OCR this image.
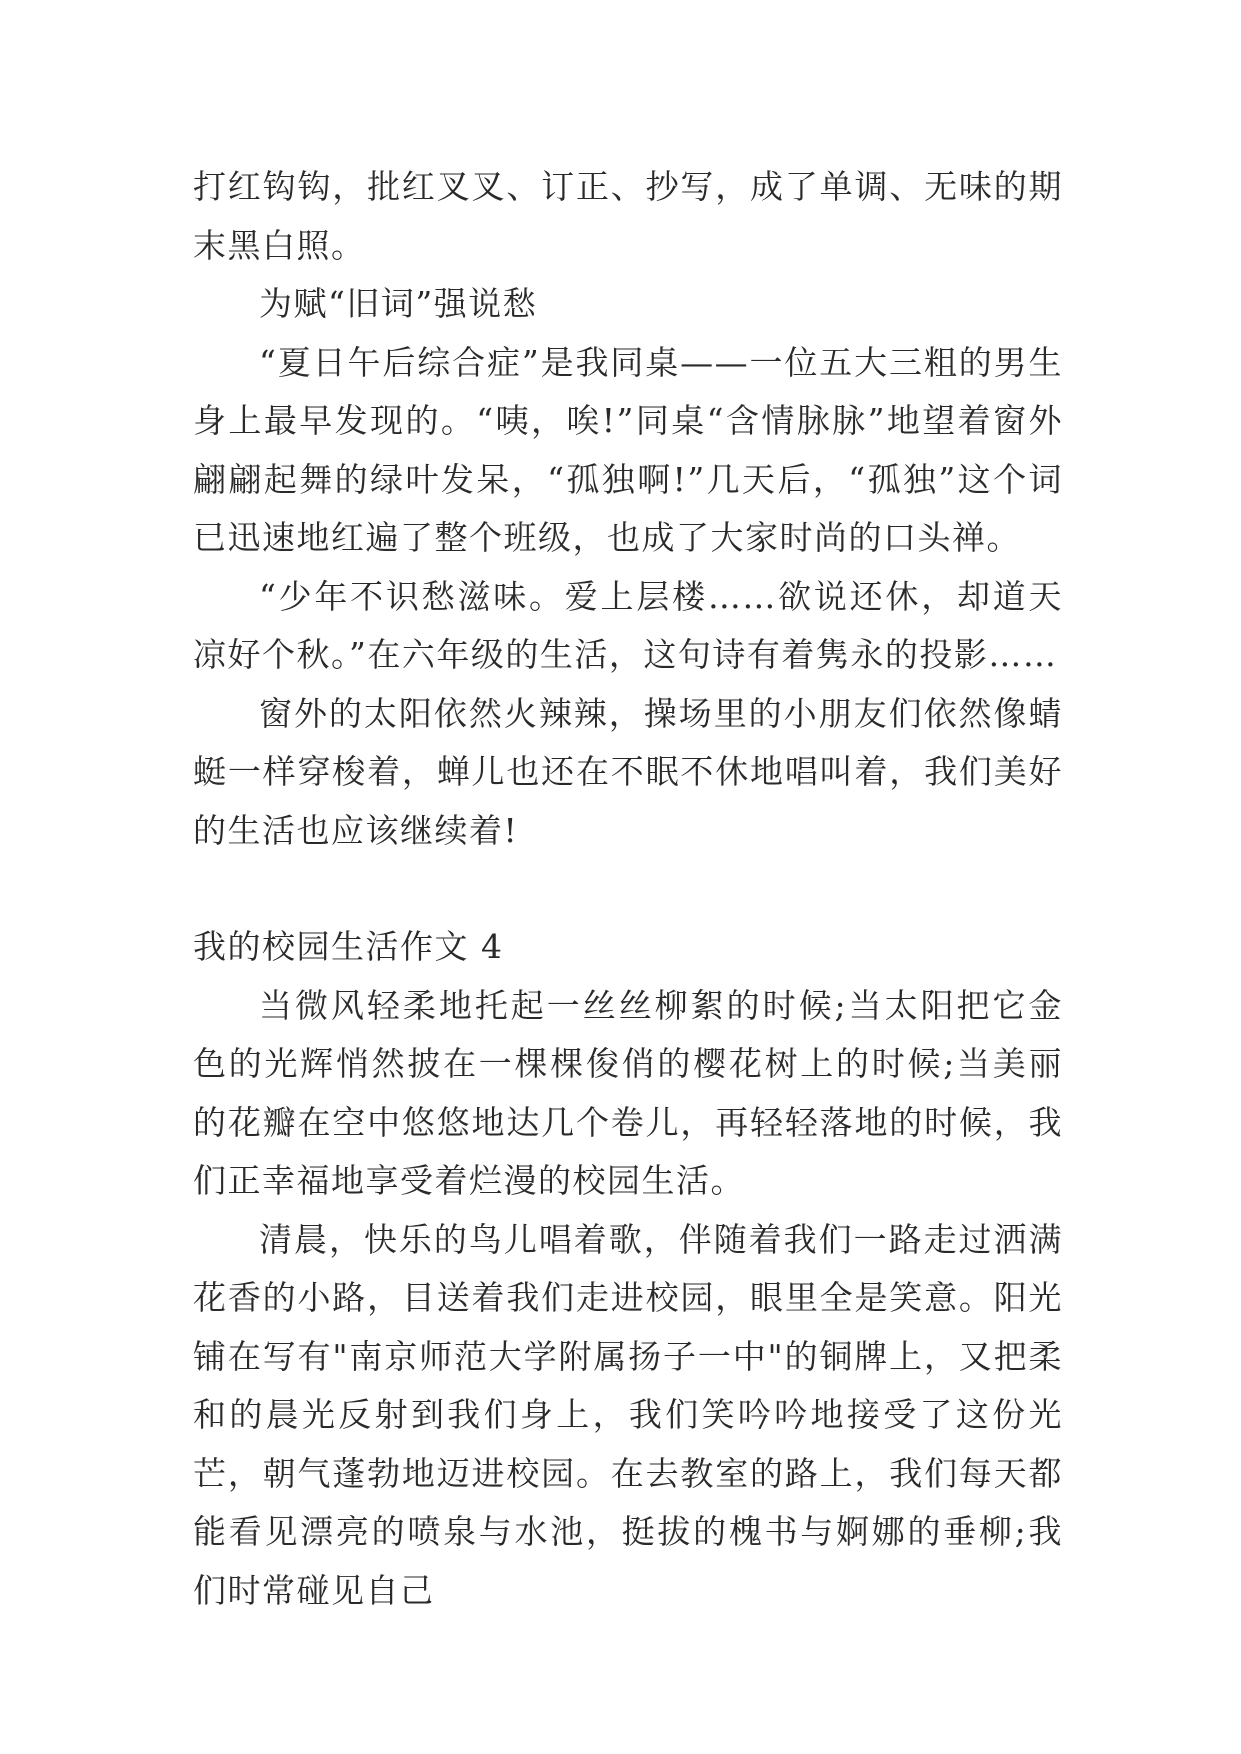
打红钩钩，批红叉叉、订正、抄写，成了单调、无味的期末黑白照。

为赋“旧词”强说愁

“夏日午后综合症”是我同桌——一位五大三粗的男生身上最早发现的。“咦，唉!”同桌“含情脉脉”地望着窗外翩翩起舞的绿叶发呆，“孤独啊!”几天后，“孤独”这个词已迅速地红遍了整个班级，也成了大家时尚的口头禅。

“少年不识愁滋味。爱上层楼……欲说还休，却道天凉好个秋。”在六年级的生活，这句诗有着隽永的投影……

窗外的太阳依然火辣辣，操场里的小朋友们依然像蜻蜓一样穿梭着，蝉儿也还在不眠不休地唱叫着，我们美好的生活也应该继续着!

我的校园生活作文 4

当微风轻柔地托起一丝丝柳絮的时候;当太阳把它金色的光辉悄然披在一棵棵俊俏的樱花树上的时候;当美丽的花瓣在空中悠悠地达几个卷儿，再轻轻落地的时候，我们正幸福地享受着烂漫的校园生活。

清晨，快乐的鸟儿唱着歌，伴随着我们一路走过洒满花香的小路，目送着我们走进校园，眼里全是笑意。阳光铺在写有"南京师范大学附属扬子一中"的铜牌上，又把柔和的晨光反射到我们身上，我们笑吟吟地接受了这份光芒，朝气蓬勃地迈进校园。在去教室的路上，我们每天都能看见漂亮的喷泉与水池，挺拔的槐书与婀娜的垂柳;我们时常碰见自己
